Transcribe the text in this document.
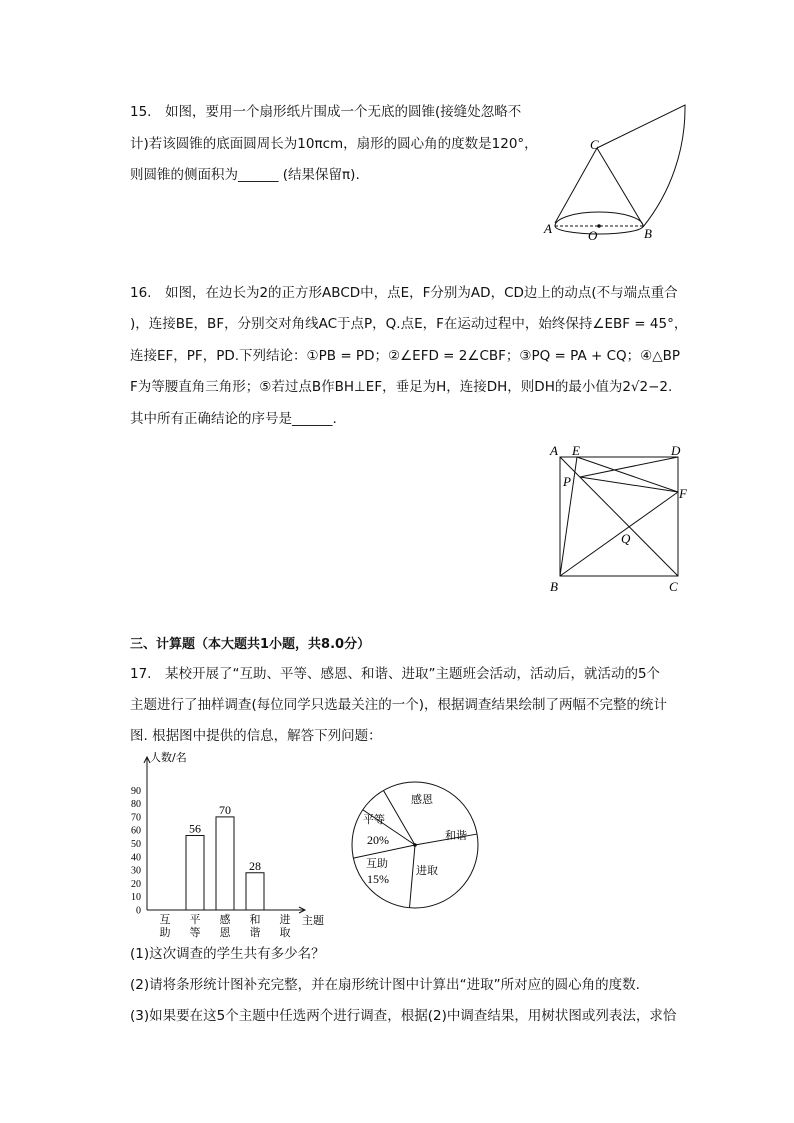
15.　如图，要用一个扇形纸片围成一个无底的圆锥(接缝处忽略不
计)若该圆锥的底面圆周长为10πcm，扇形的圆心角的度数是120°，
则圆锥的侧面积为______ (结果保留π).
C
A	O	B
16.　如图，在边长为2的正方形ABCD中，点E，F分别为AD，CD边上的动点(不与端点重合
)，连接BE，BF，分别交对角线AC于点P，Q.点E，F在运动过程中，始终保持∠EBF = 45°，
连接EF，PF，PD.下列结论：①PB = PD；②∠EFD = 2∠CBF；③PQ = PA + CQ；④△BP
F为等腰直角三角形；⑤若过点B作BH⊥EF，垂足为H，连接DH，则DH的最小值为2√2−2.
其中所有正确结论的序号是______.
A E	D
P
F
Q
B	C
三、计算题（本大题共1小题，共8.0分）
17.　某校开展了“互助、平等、感恩、和谐、进取”主题班会活动，活动后，就活动的5个
主题进行了抽样调查(每位同学只选最关注的一个)，根据调查结果绘制了两幅不完整的统计
图. 根据图中提供的信息，解答下列问题：
人数/名
主题
0
10
20
30
40
50
60
70
80
90
互
助
平
等
56
感
恩
70
和
谐
28
进
取
感恩
和谐
进取
互助
15%
平等
20%
(1)这次调查的学生共有多少名？
(2)请将条形统计图补充完整，并在扇形统计图中计算出“进取”所对应的圆心角的度数.
(3)如果要在这5个主题中任选两个进行调查，根据(2)中调查结果，用树状图或列表法，求恰
